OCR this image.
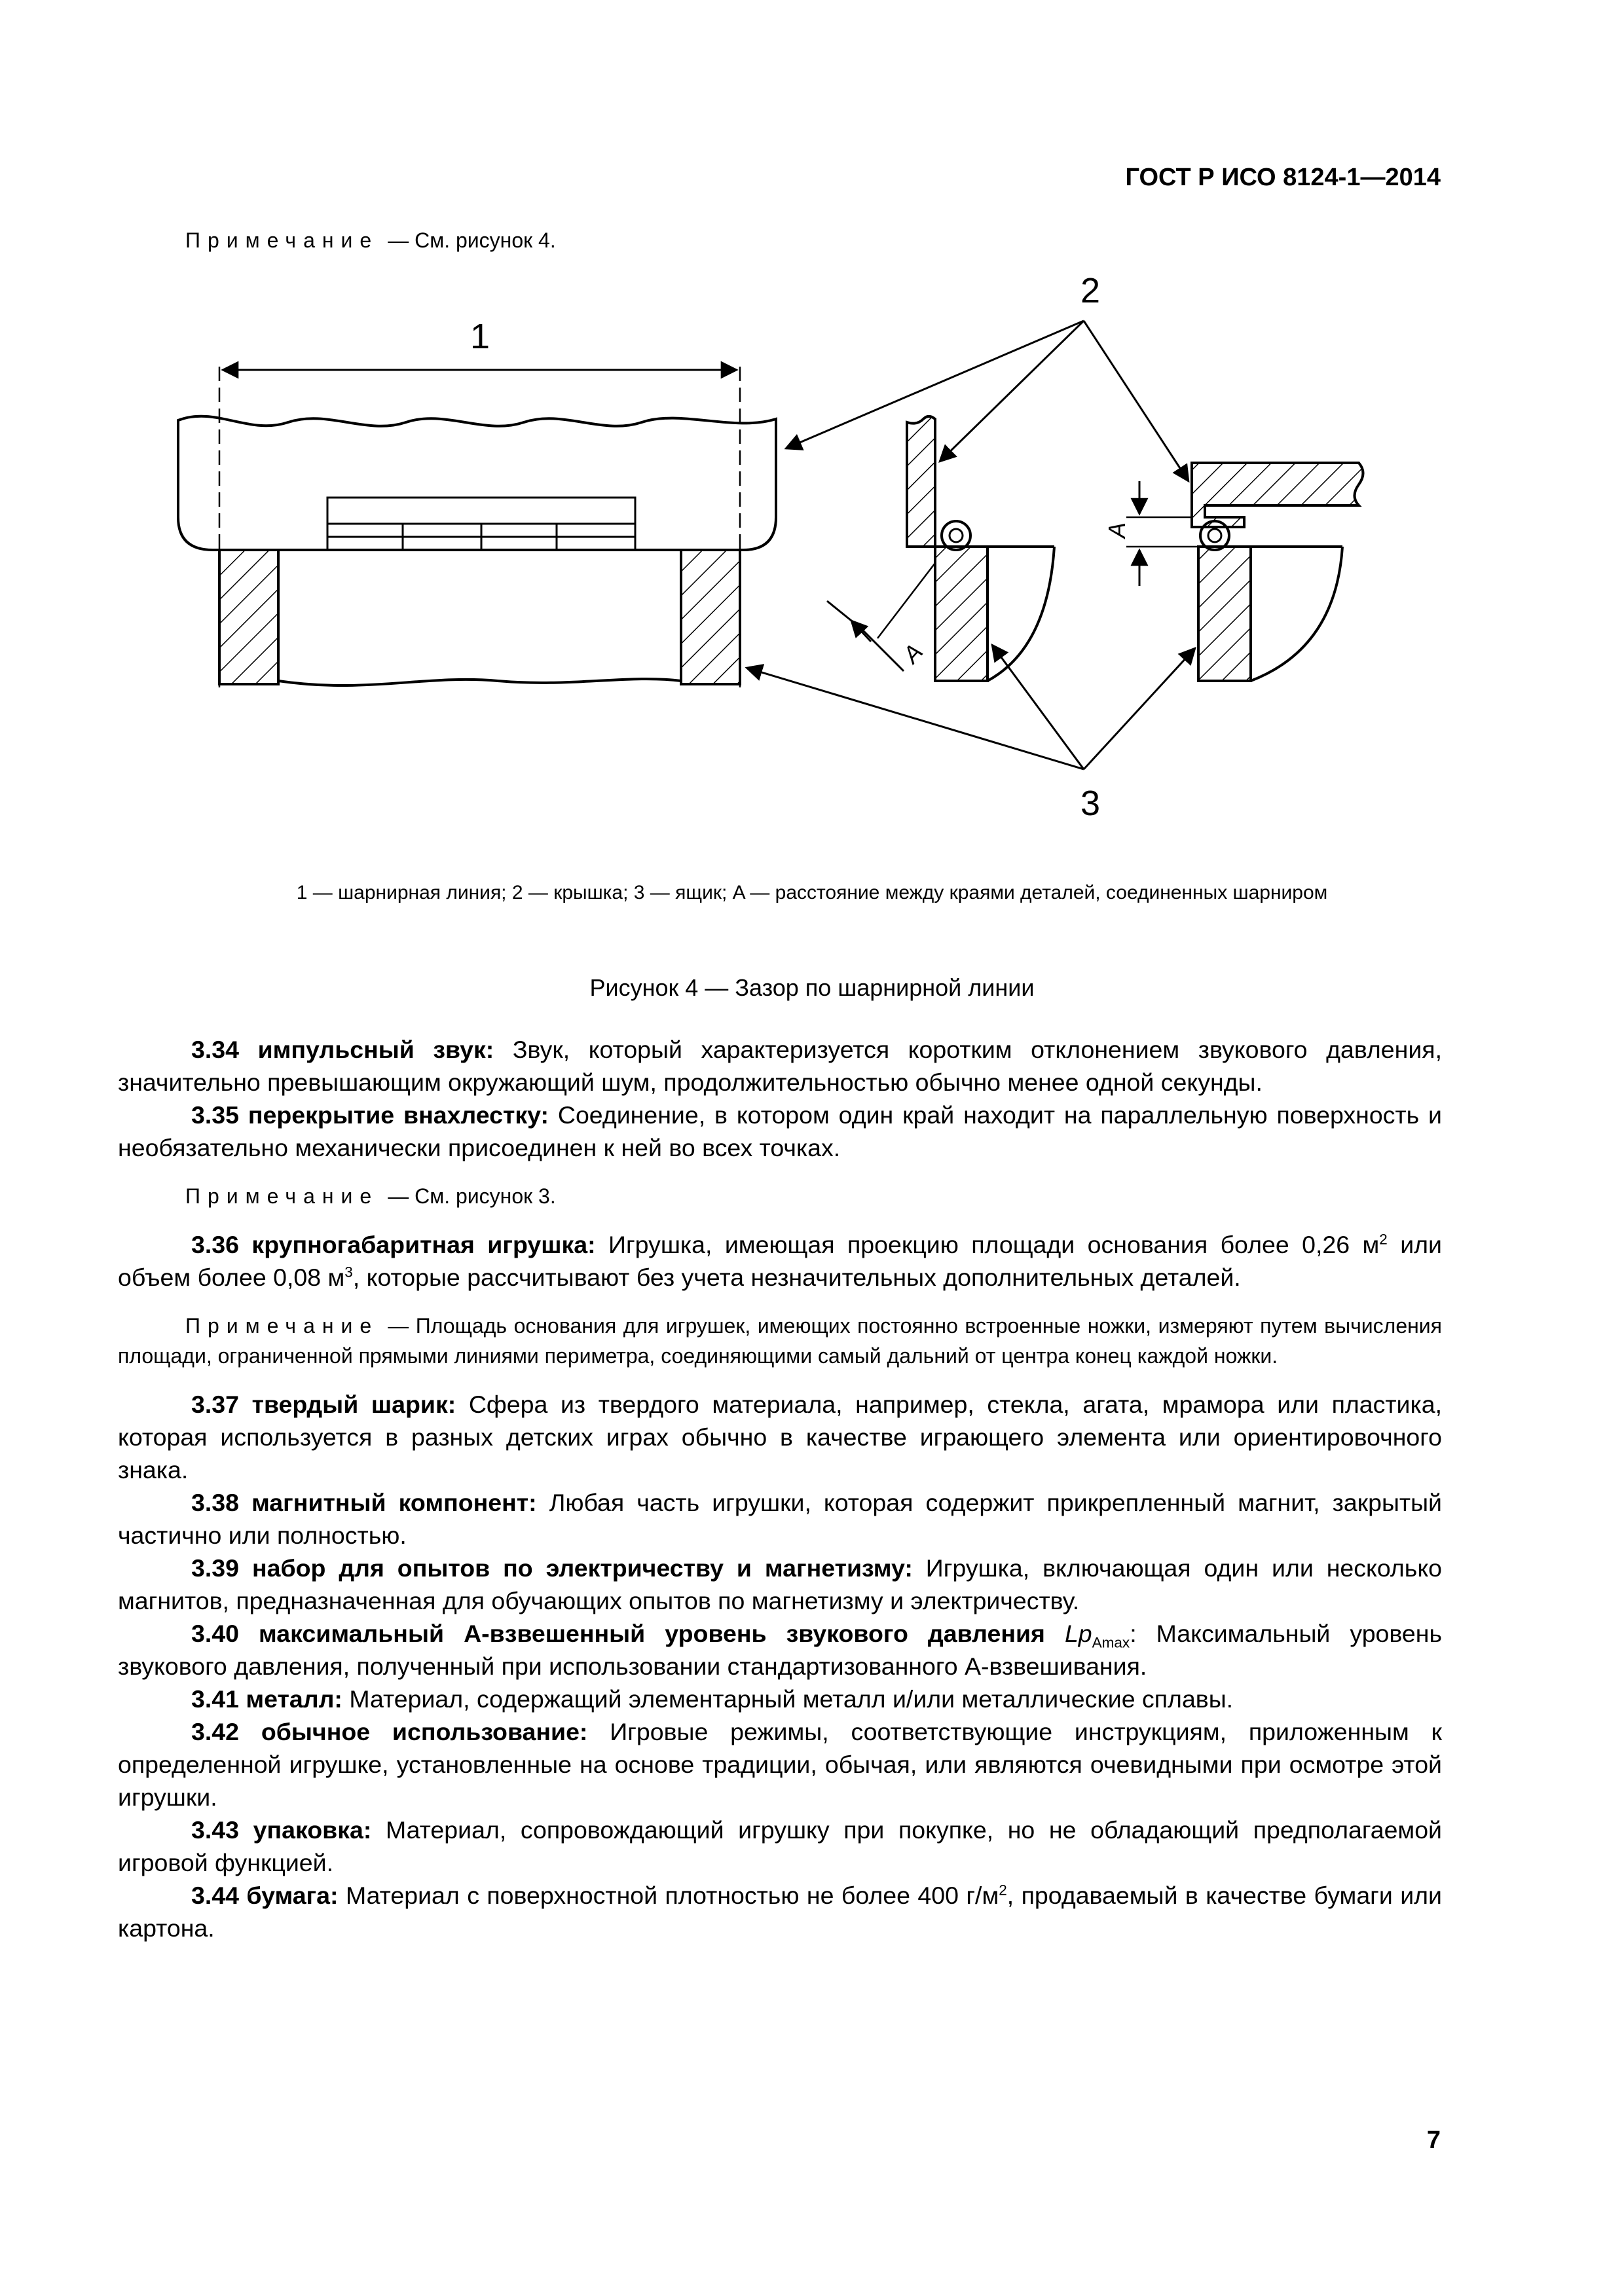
ГОСТ Р ИСО 8124-1—2014
Примечание — См. рисунок 4.
A
A
1
2
3
1 — шарнирная линия; 2 — крышка; 3 — ящик; A — расстояние между краями деталей, соединенных шарниром
Рисунок 4 — Зазор по шарнирной линии

3.34 импульсный звук: Звук, который характеризуется коротким отклонением звукового давления, значительно превышающим окружающий шум, продолжительностью обычно менее одной секунды.

3.35 перекрытие внахлестку: Соединение, в котором один край находит на параллельную поверхность и необязательно механически присоединен к ней во всех точках.

Примечание — См. рисунок 3.

3.36 крупногабаритная игрушка: Игрушка, имеющая проекцию площади основания более 0,26 $м^2$ или объем более 0,08 $м^3$, которые рассчитывают без учета незначительных дополнительных деталей.

Примечание — Площадь основания для игрушек, имеющих постоянно встроенные ножки, измеряют путем вычисления площади, ограниченной прямыми линиями периметра, соединяющими самый дальний от центра конец каждой ножки.

3.37 твердый шарик: Сфера из твердого материала, например, стекла, агата, мрамора или пластика, которая используется в разных детских играх обычно в качестве играющего элемента или ориентировочного знака.

3.38 магнитный компонент: Любая часть игрушки, которая содержит прикрепленный магнит, закрытый частично или полностью.

3.39 набор для опытов по электричеству и магнетизму: Игрушка, включающая один или несколько магнитов, предназначенная для обучающих опытов по магнетизму и электричеству.

3.40 максимальный A-взвешенный уровень звукового давления $Lp_{Amax}$: Максимальный уровень звукового давления, полученный при использовании стандартизованного A-взвешивания.

3.41 металл: Материал, содержащий элементарный металл и/или металлические сплавы.

3.42 обычное использование: Игровые режимы, соответствующие инструкциям, приложенным к определенной игрушке, установленные на основе традиции, обычая, или являются очевидными при осмотре этой игрушки.

3.43 упаковка: Материал, сопровождающий игрушку при покупке, но не обладающий предполагаемой игровой функцией.

3.44 бумага: Материал с поверхностной плотностью не более 400 $г/м^2$, продаваемый в качестве бумаги или картона.

7
